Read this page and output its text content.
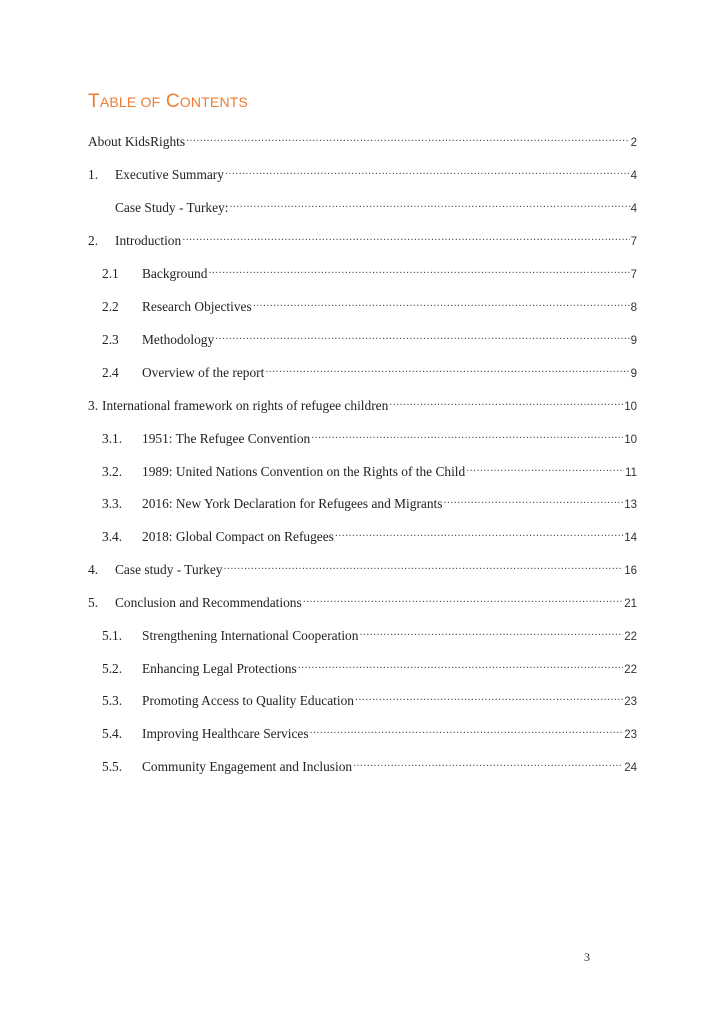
TABLE OF CONTENTS
About KidsRights .....	2
1.	Executive Summary .....	4
Case Study - Turkey: .....	4
2.	Introduction .....	7
2.1	Background .....	7
2.2	Research Objectives .....	8
2.3	Methodology .....	9
2.4	Overview of the report .....	9
3. International framework on rights of refugee children .....	10
3.1.	1951: The Refugee Convention .....	10
3.2.	1989: United Nations Convention on the Rights of the Child .....	11
3.3.	2016: New York Declaration for Refugees and Migrants .....	13
3.4.	2018: Global Compact on Refugees .....	14
4.	Case study - Turkey .....	16
5.	Conclusion and Recommendations .....	21
5.1.	Strengthening International Cooperation .....	22
5.2.	Enhancing Legal Protections .....	22
5.3.	Promoting Access to Quality Education .....	23
5.4.	Improving Healthcare Services .....	23
5.5.	Community Engagement and Inclusion .....	24
3
